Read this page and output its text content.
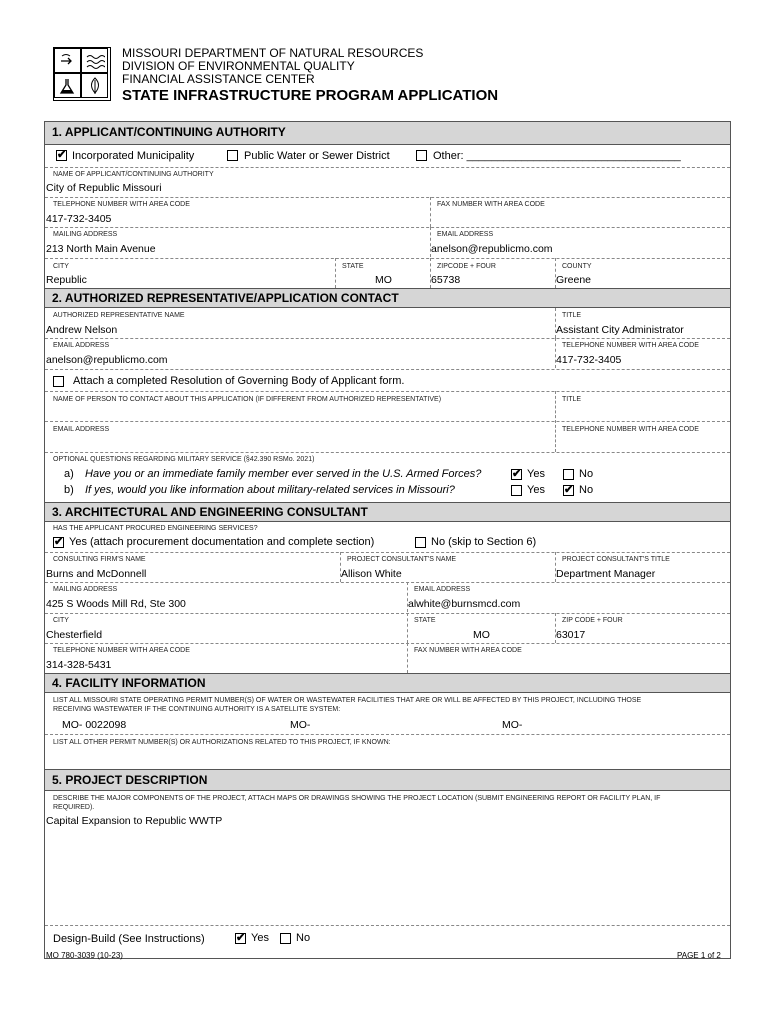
MISSOURI DEPARTMENT OF NATURAL RESOURCES
DIVISION OF ENVIRONMENTAL QUALITY
FINANCIAL ASSISTANCE CENTER
STATE INFRASTRUCTURE PROGRAM APPLICATION
1. APPLICANT/CONTINUING AUTHORITY
✔ Incorporated Municipality	Public Water or Sewer District	Other: ___________________________________
NAME OF APPLICANT/CONTINUING AUTHORITY
City of Republic Missouri
TELEPHONE NUMBER WITH AREA CODE
417-732-3405
FAX NUMBER WITH AREA CODE
MAILING ADDRESS
213 North Main Avenue
EMAIL ADDRESS
anelson@republicmo.com
CITY
Republic
STATE
MO
ZIPCODE + FOUR
65738
COUNTY
Greene
2. AUTHORIZED REPRESENTATIVE/APPLICATION CONTACT
AUTHORIZED REPRESENTATIVE NAME
Andrew Nelson
TITLE
Assistant City Administrator
EMAIL ADDRESS
anelson@republicmo.com
TELEPHONE NUMBER WITH AREA CODE
417-732-3405
Attach a completed Resolution of Governing Body of Applicant form.
NAME OF PERSON TO CONTACT ABOUT THIS APPLICATION (IF DIFFERENT FROM AUTHORIZED REPRESENTATIVE)	TITLE
EMAIL ADDRESS	TELEPHONE NUMBER WITH AREA CODE
OPTIONAL QUESTIONS REGARDING MILITARY SERVICE (§42.390 RSMo. 2021)
a) Have you or an immediate family member ever served in the U.S. Armed Forces?	✔ Yes	No
b) If yes, would you like information about military-related services in Missouri?	Yes ✔ No
3. ARCHITECTURAL AND ENGINEERING CONSULTANT
HAS THE APPLICANT PROCURED ENGINEERING SERVICES?
✔ Yes (attach procurement documentation and complete section)	No (skip to Section 6)
CONSULTING FIRM'S NAME
Burns and McDonnell
PROJECT CONSULTANT'S NAME
Allison White
PROJECT CONSULTANT'S TITLE
Department Manager
MAILING ADDRESS
425 S Woods Mill Rd, Ste 300
EMAIL ADDRESS
alwhite@burnsmcd.com
CITY
Chesterfield
STATE
MO
ZIP CODE + FOUR
63017
TELEPHONE NUMBER WITH AREA CODE
314-328-5431
FAX NUMBER WITH AREA CODE
4. FACILITY INFORMATION
LIST ALL MISSOURI STATE OPERATING PERMIT NUMBER(S) OF WATER OR WASTEWATER FACILITIES THAT ARE OR WILL BE AFFECTED BY THIS PROJECT, INCLUDING THOSE
RECEIVING WASTEWATER IF THE CONTINUING AUTHORITY IS A SATELLITE SYSTEM:
MO- 0022098	MO-	MO-
LIST ALL OTHER PERMIT NUMBER(S) OR AUTHORIZATIONS RELATED TO THIS PROJECT, IF KNOWN:
5. PROJECT DESCRIPTION
DESCRIBE THE MAJOR COMPONENTS OF THE PROJECT, ATTACH MAPS OR DRAWINGS SHOWING THE PROJECT LOCATION (SUBMIT ENGINEERING REPORT OR FACILITY PLAN, IF
REQUIRED).
Capital Expansion to Republic WWTP
Design-Build (See Instructions)	✔ Yes No
MO 780-3039 (10-23)	PAGE 1 of 2
